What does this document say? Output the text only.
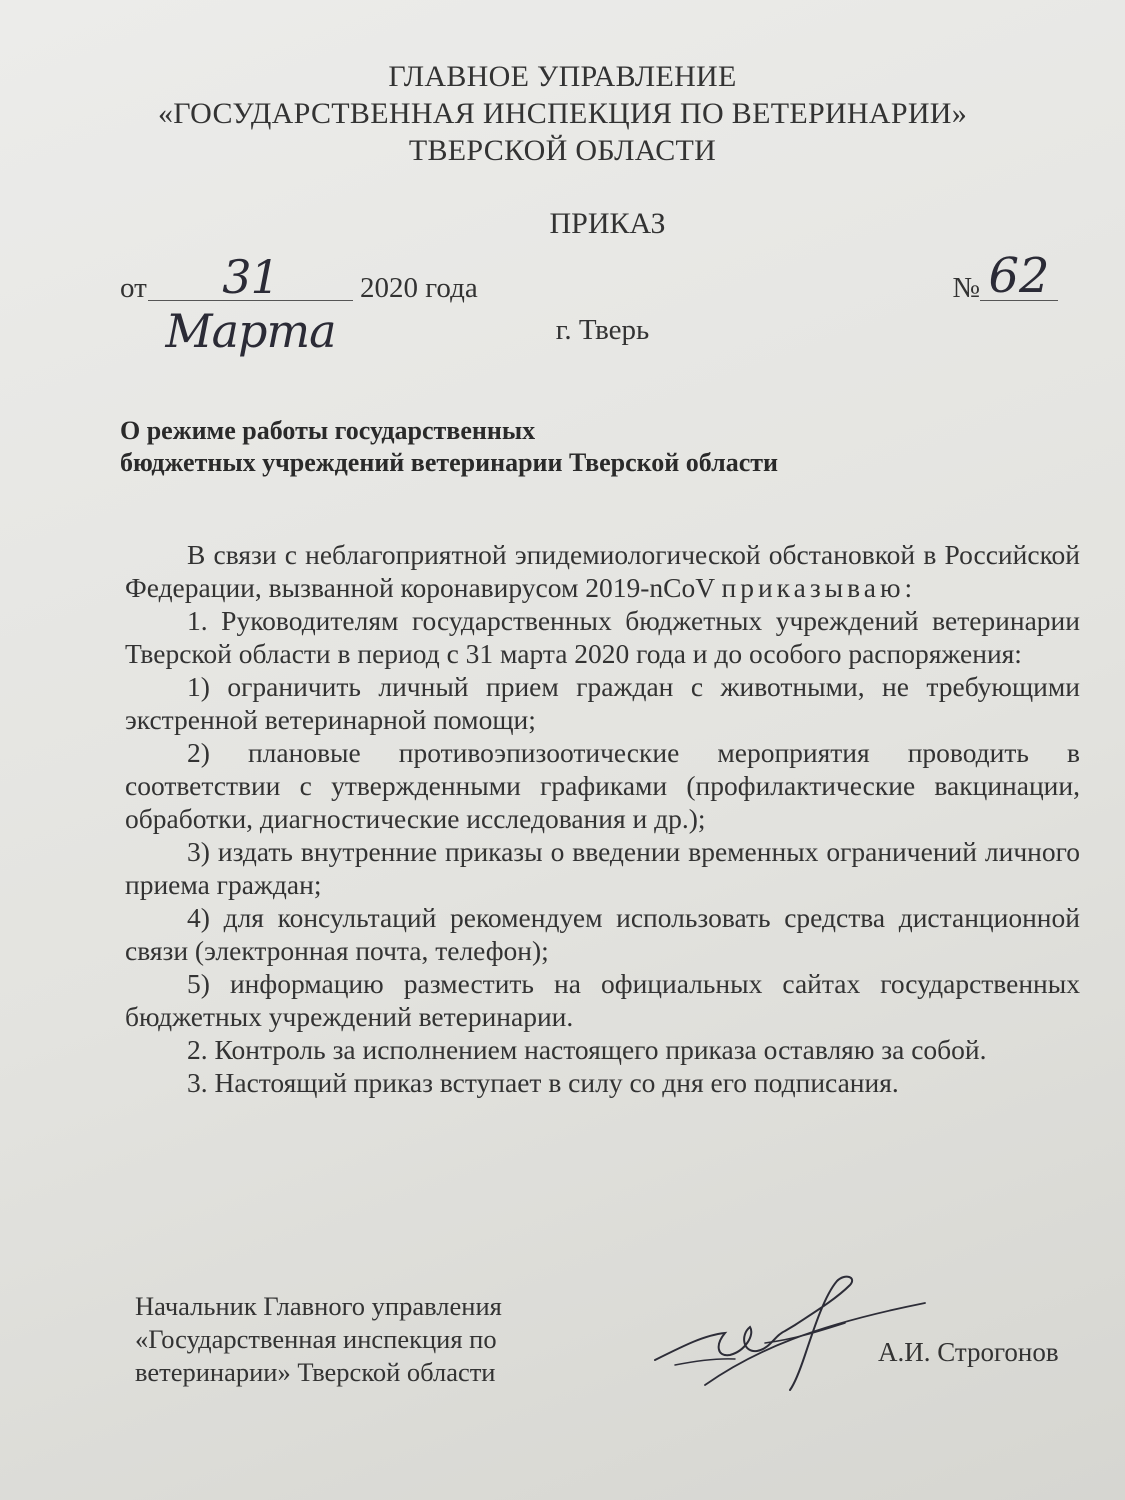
ГЛАВНОЕ УПРАВЛЕНИЕ
«ГОСУДАРСТВЕННАЯ ИНСПЕКЦИЯ ПО ВЕТЕРИНАРИИ»
ТВЕРСКОЙ ОБЛАСТИ
ПРИКАЗ
от	31 Марта
2020 года	№ 62
г. Тверь
О режиме работы государственных
бюджетных учреждений ветеринарии Тверской области

В связи с неблагоприятной эпидемиологической обстановкой в Российской Федерации, вызванной коронавирусом 2019-nCoV приказываю:

1. Руководителям государственных бюджетных учреждений ветеринарии Тверской области в период с 31 марта 2020 года и до особого распоряжения:

1) ограничить личный прием граждан с животными, не требующими экстренной ветеринарной помощи;

2) плановые противоэпизоотические мероприятия проводить в соответствии с утвержденными графиками (профилактические вакцинации, обработки, диагностические исследования и др.);

3) издать внутренние приказы о введении временных ограничений личного приема граждан;

4) для консультаций рекомендуем использовать средства дистанционной связи (электронная почта, телефон);

5) информацию разместить на официальных сайтах государственных бюджетных учреждений ветеринарии.

2. Контроль за исполнением настоящего приказа оставляю за собой.

3. Настоящий приказ вступает в силу со дня его подписания.

Начальник Главного управления
«Государственная инспекция по
ветеринарии» Тверской области
А.И. Строгонов
